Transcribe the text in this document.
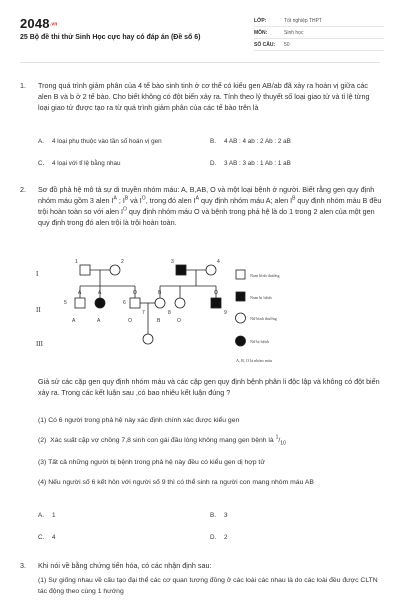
2048.vn
25 Bộ đề thi thử Sinh Học cực hay có đáp án (Đề số 6)
LỚP:	Tốt nghiệp THPT
MÔN:	Sinh học
SỐ CÂU:	50
1. Trong quá trình giảm phân của 4 tế bào sinh tinh ở cơ thể có kiểu gen AB/ab đã xảy ra hoán vị giữa các alen B và b ở 2 tế bào. Cho biết không có đột biến xảy ra. Tính theo lý thuyết số loại giao tử và tỉ lệ từng loại giao tử được tạo ra từ quá trình giảm phân của các tế bào trên là
A. 4 loại phụ thuộc vào tần số hoán vị gen	B. 4 AB : 4 ab : 2 Ab : 2 aB
C. 4 loại với tỉ lệ bằng nhau	D. 3 AB : 3 ab : 1 Ab : 1 aB
2. Sơ đồ phả hệ mô tả sự di truyền nhóm máu: A, B,AB, O và một loại bệnh ở người. Biết rằng gen quy định nhóm máu gồm 3 alen $I^A$ ; $I^B$ và $I^O$, trong đó alen $I^A$ quy định nhóm máu A; alen $I^B$ quy định nhóm máu B đều trội hoàn toàn so với alen $I^O$ quy định nhóm máu O và bệnh trong phả hệ là do 1 trong 2 alen của một gen quy định trong đó alen trội là trội hoàn toàn.
I
II
III
1	2	3	4
A	A	O	B	O
5	6
7	8	9
A	A	O	B	O
Nam bình thường
Nam bị bệnh
Nữ bình thường
Nữ bị bệnh
A, B, O là nhóm máu
Giả sử các cặp gen quy định nhóm máu và các cặp gen quy định bệnh phân li độc lập và không có đột biến xảy ra. Trong các kết luận sau ,có bao nhiêu kết luận đúng ?
(1) Có 6 người trong phả hệ này xác định chính xác được kiểu gen
(2)  Xác suất cặp vợ chồng 7,8 sinh con gái đầu lòng không mang gen bệnh là $^1/_{10}$
(3) Tất cả những người bị bệnh trong phả hệ này đều có kiểu gen dị hợp tử
(4) Nếu người số 6 kết hôn với người số 9 thì có thể sinh ra người con mang nhóm máu AB
A. 1	B. 3
C. 4	D. 2
3. Khi nói về bằng chứng tiến hóa, có các nhận định sau:
(1) Sự giống nhau về cấu tạo đại thể các cơ quan tương đồng ở các loài các nhau là do các loài đều được CLTN tác động theo cùng 1 hướng
